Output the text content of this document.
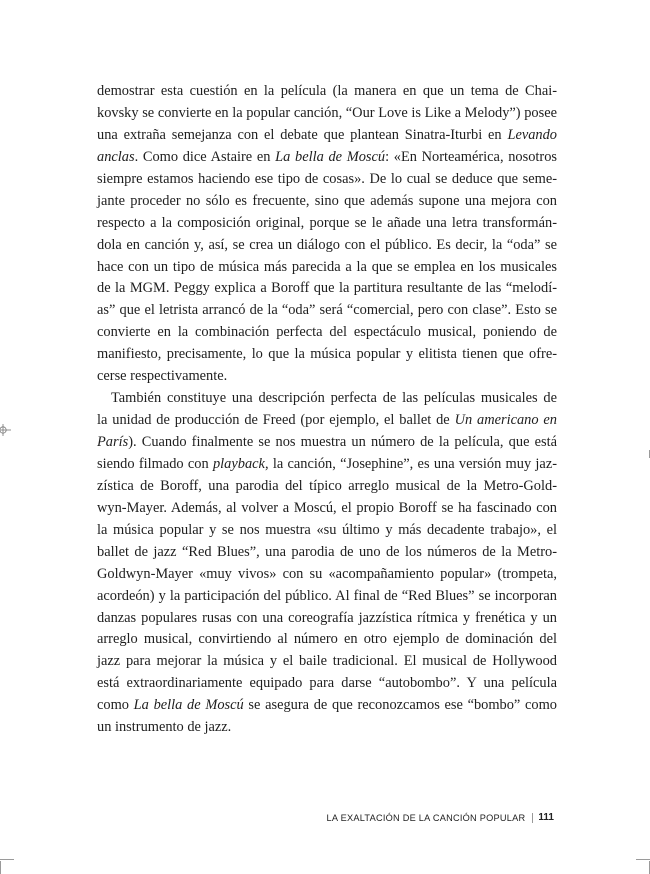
demostrar esta cuestión en la película (la manera en que un tema de Chai-
kovsky se convierte en la popular canción, “Our Love is Like a Melody”) posee
una extraña semejanza con el debate que plantean Sinatra-Iturbi en Levando
anclas. Como dice Astaire en La bella de Moscú: «En Norteamérica, nosotros
siempre estamos haciendo ese tipo de cosas». De lo cual se deduce que seme-
jante proceder no sólo es frecuente, sino que además supone una mejora con
respecto a la composición original, porque se le añade una letra transformán-
dola en canción y, así, se crea un diálogo con el público. Es decir, la “oda” se
hace con un tipo de música más parecida a la que se emplea en los musicales
de la MGM. Peggy explica a Boroff que la partitura resultante de las “melodí-
as” que el letrista arrancó de la “oda” será “comercial, pero con clase”. Esto se
convierte en la combinación perfecta del espectáculo musical, poniendo de
manifiesto, precisamente, lo que la música popular y elitista tienen que ofre-
cerse respectivamente.
También constituye una descripción perfecta de las películas musicales de
la unidad de producción de Freed (por ejemplo, el ballet de Un americano en
París). Cuando finalmente se nos muestra un número de la película, que está
siendo filmado con playback, la canción, “Josephine”, es una versión muy jaz-
zística de Boroff, una parodia del típico arreglo musical de la Metro-Gold-
wyn-Mayer. Además, al volver a Moscú, el propio Boroff se ha fascinado con
la música popular y se nos muestra «su último y más decadente trabajo», el
ballet de jazz “Red Blues”, una parodia de uno de los números de la Metro-
Goldwyn-Mayer «muy vivos» con su «acompañamiento popular» (trompeta,
acordeón) y la participación del público. Al final de “Red Blues” se incorporan
danzas populares rusas con una coreografía jazzística rítmica y frenética y un
arreglo musical, convirtiendo al número en otro ejemplo de dominación del
jazz para mejorar la música y el baile tradicional. El musical de Hollywood
está extraordinariamente equipado para darse “autobombo”. Y una película
como La bella de Moscú se asegura de que reconozcamos ese “bombo” como
un instrumento de jazz.
LA EXALTACIÓN DE LA CANCIÓN POPULAR 111
